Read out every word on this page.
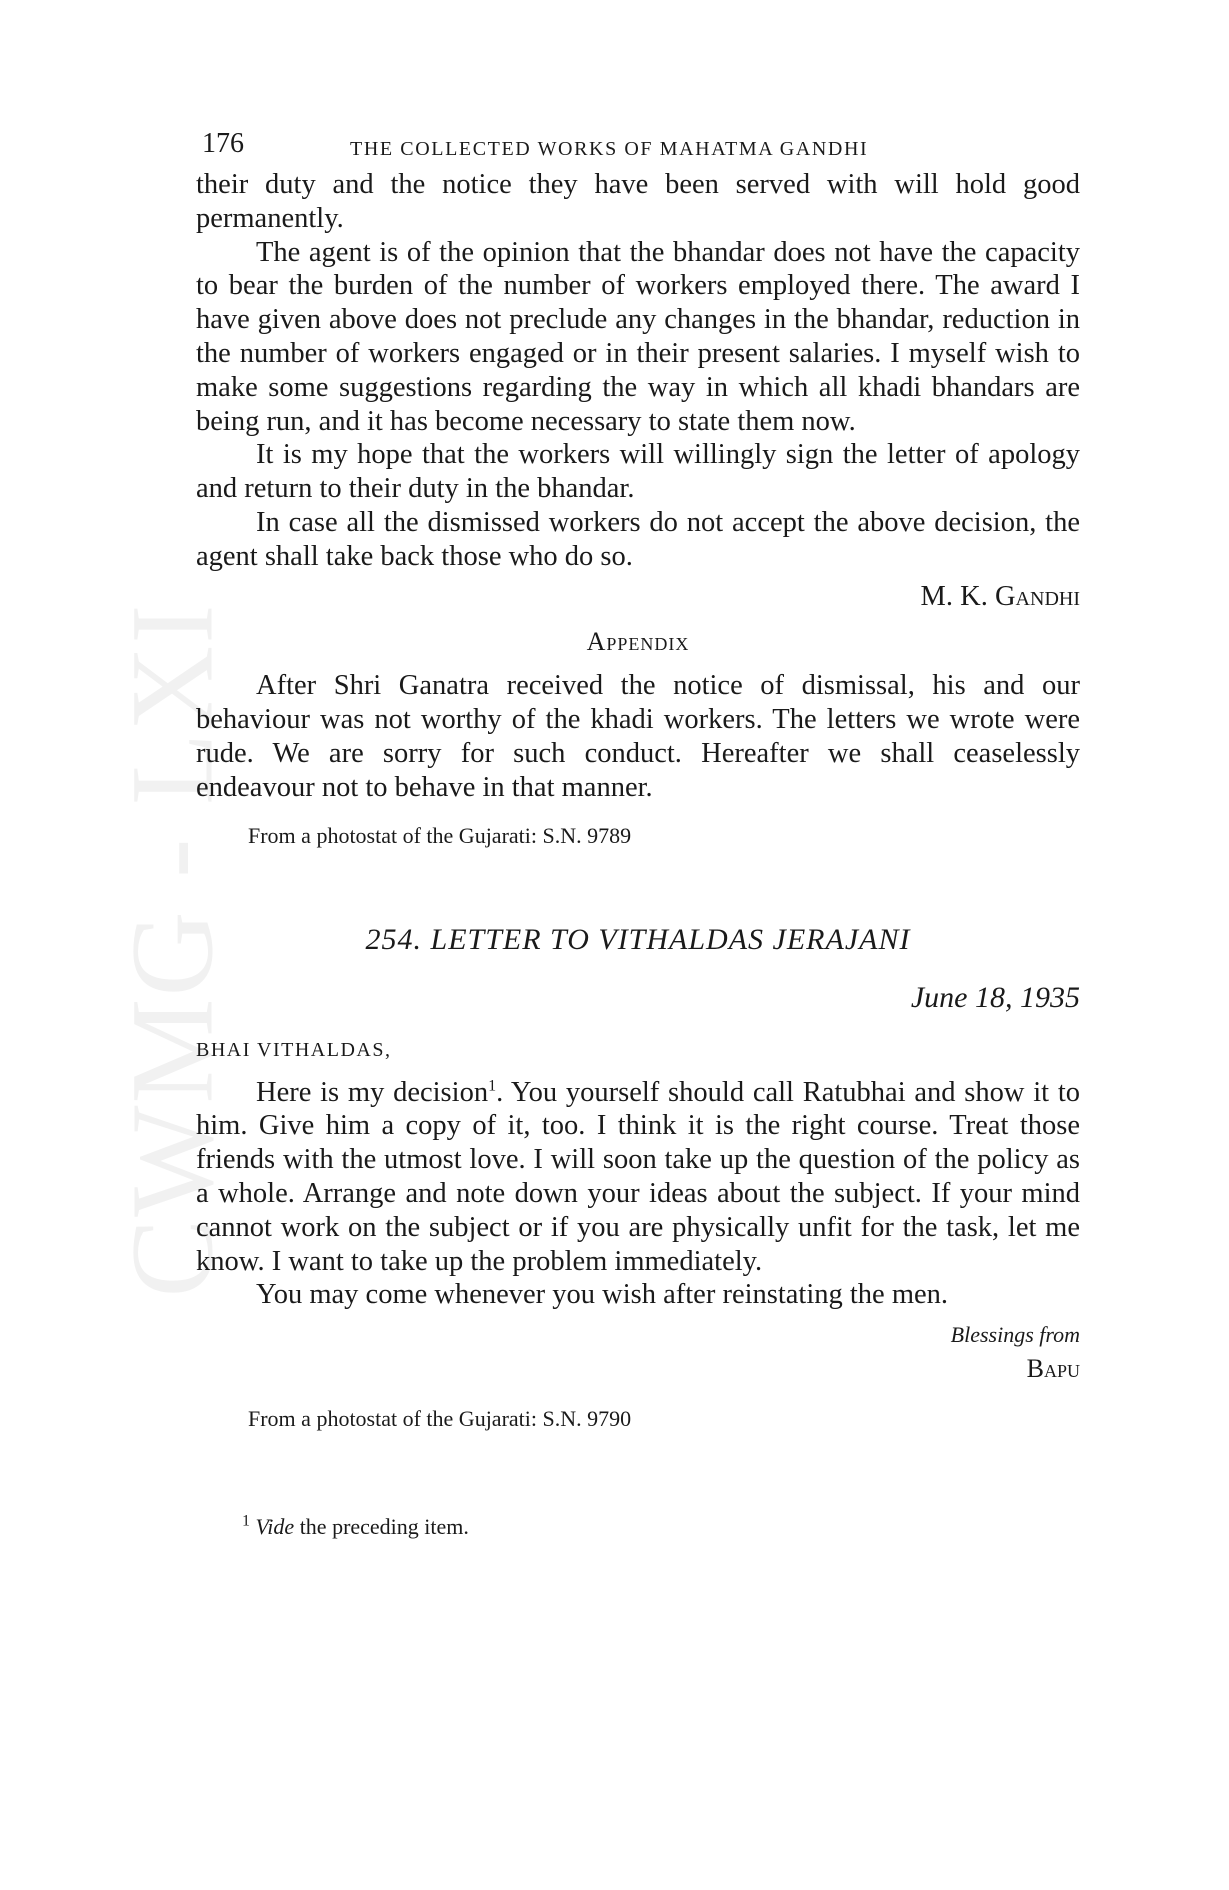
CWMG - LXI
176	THE COLLECTED WORKS OF MAHATMA GANDHI

their duty and the notice they have been served with will hold good permanently.

The agent is of the opinion that the bhandar does not have the capacity to bear the burden of the number of workers employed there. The award I have given above does not preclude any changes in the bhandar, reduction in the number of workers engaged or in their present salaries. I myself wish to make some suggestions regarding the way in which all khadi bhandars are being run, and it has become necessary to state them now.

It is my hope that the workers will willingly sign the letter of apology and return to their duty in the bhandar.

In case all the dismissed workers do not accept the above decision, the agent shall take back those who do so.

M. K. Gandhi
Appendix

After Shri Ganatra received the notice of dismissal, his and our behaviour was not worthy of the khadi workers. The letters we wrote were rude. We are sorry for such conduct. Hereafter we shall ceaselessly endeavour not to behave in that manner.

From a photostat of the Gujarati: S.N. 9789
254. LETTER TO VITHALDAS JERAJANI
June 18, 1935
BHAI VITHALDAS,

Here is my decision$^1$. You yourself should call Ratubhai and show it to him. Give him a copy of it, too. I think it is the right course. Treat those friends with the utmost love. I will soon take up the question of the policy as a whole. Arrange and note down your ideas about the subject. If your mind cannot work on the subject or if you are physically unfit for the task, let me know. I want to take up the problem immediately.

You may come whenever you wish after reinstating the men.

Blessings from
Bapu
From a photostat of the Gujarati: S.N. 9790
$^1$ Vide the preceding item.
